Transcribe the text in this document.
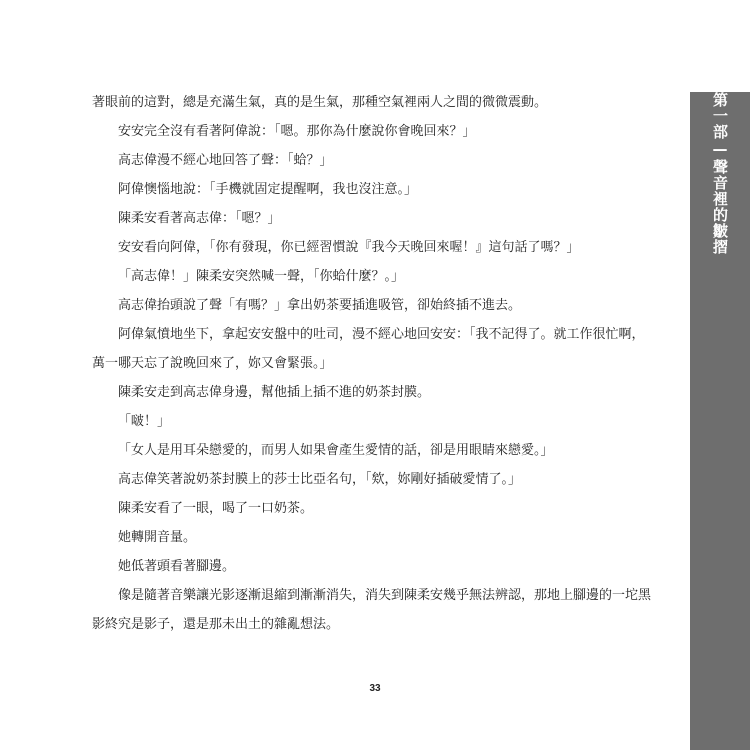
著眼前的這對，總是充滿生氣，真的是生氣，那種空氣裡兩人之間的微微震動。

安安完全沒有看著阿偉說：「嗯。那你為什麼說你會晚回來？」

高志偉漫不經心地回答了聲：「蛤？」

阿偉懊惱地說：「手機就固定提醒啊，我也沒注意。」

陳柔安看著高志偉：「嗯？」

安安看向阿偉，「你有發現，你已經習慣說『我今天晚回來喔！』這句話了嗎？」

「高志偉！」陳柔安突然喊一聲，「你蛤什麼？。」

高志偉抬頭說了聲「有嗎？」拿出奶茶要插進吸管，卻始終插不進去。

阿偉氣憤地坐下，拿起安安盤中的吐司，漫不經心地回安安：「我不記得了。就工作很忙啊，萬一哪天忘了說晚回來了，妳又會緊張。」

陳柔安走到高志偉身邊，幫他插上插不進的奶茶封膜。

「啵！」

「女人是用耳朵戀愛的，而男人如果會產生愛情的話，卻是用眼睛來戀愛。」

高志偉笑著說奶茶封膜上的莎士比亞名句，「欸，妳剛好插破愛情了。」

陳柔安看了一眼，喝了一口奶茶。

她轉開音量。

她低著頭看著腳邊。

像是隨著音樂讓光影逐漸退縮到漸漸消失，消失到陳柔安幾乎無法辨認，那地上腳邊的一坨黑影終究是影子，還是那未出土的雜亂想法。

第一部—聲音裡的皺摺
33
